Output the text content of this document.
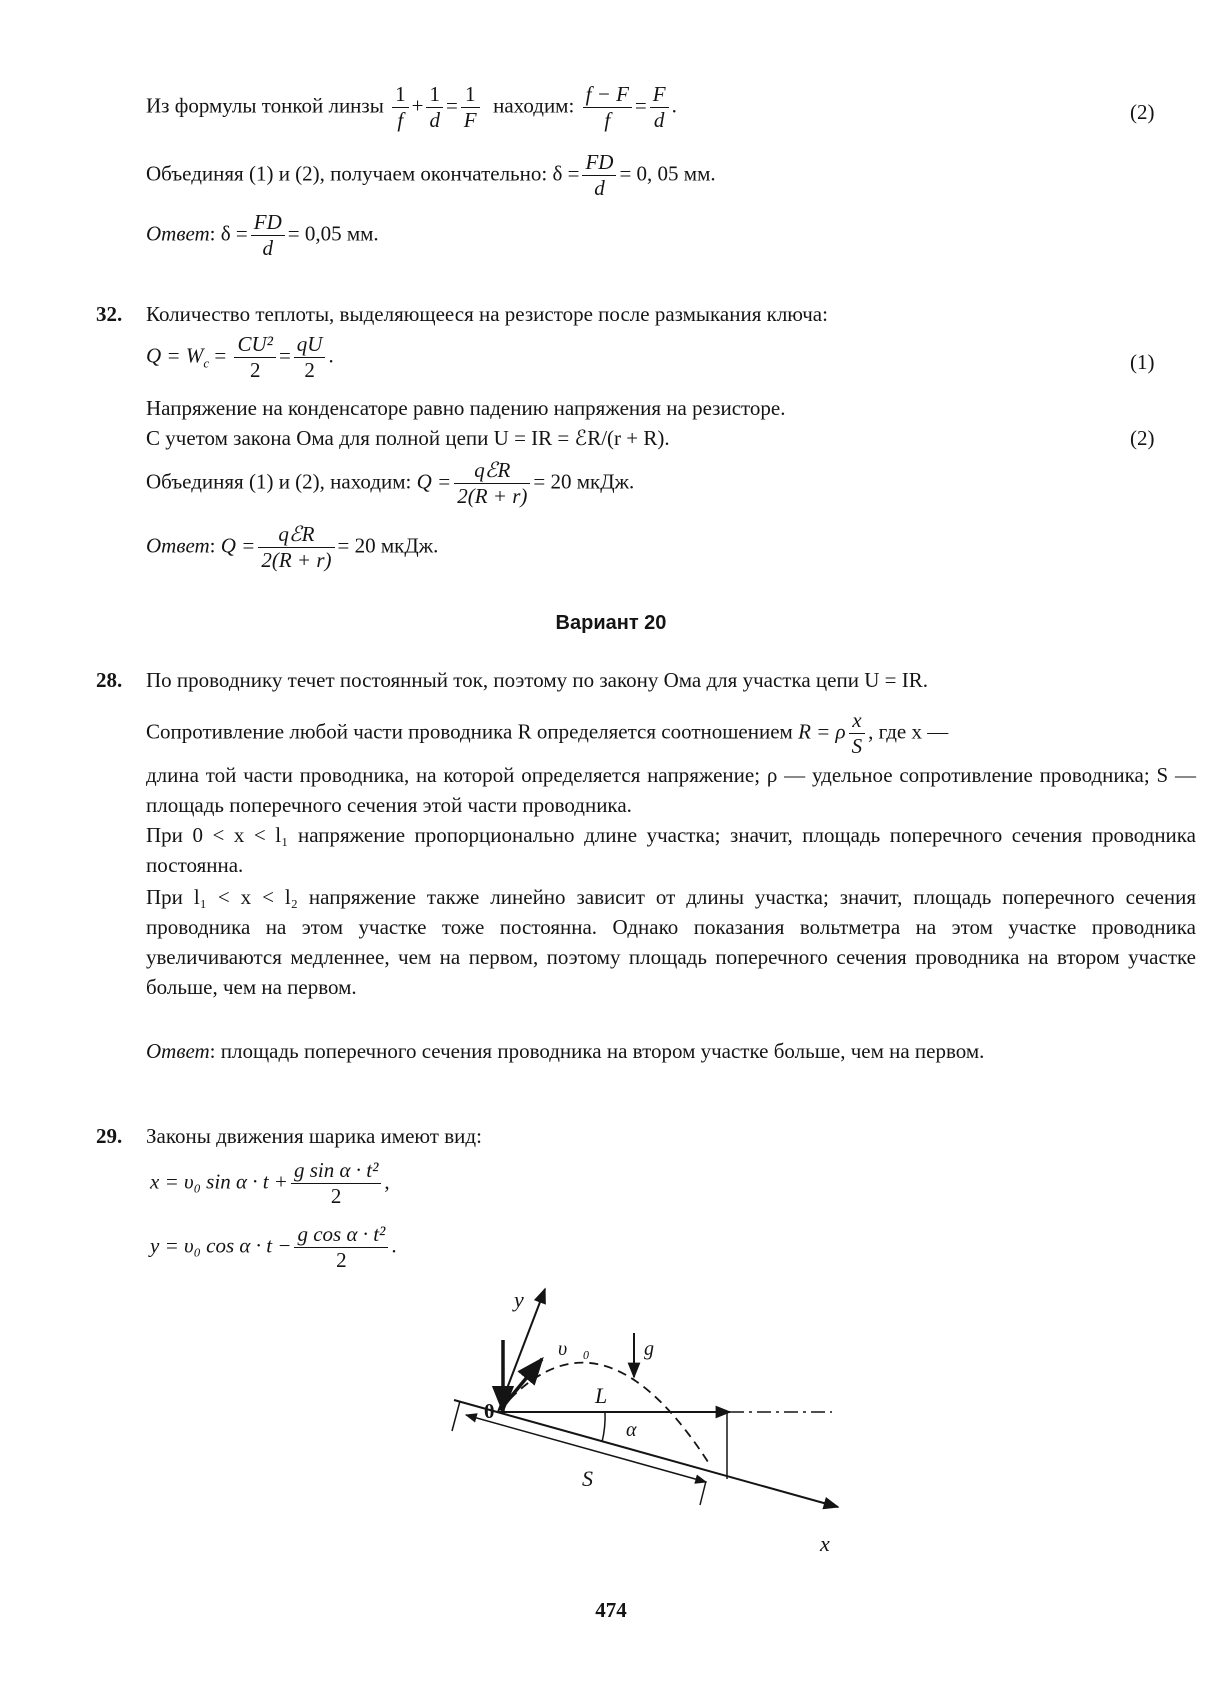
Из формулы тонкой линзы $\frac{1}{f} + \frac{1}{d} = \frac{1}{F}$ находим: $\frac{f - F}{f} = \frac{F}{d}$ .	(2)
Объединяя (1) и (2), получаем окончательно: $\delta = \frac{FD}{d} = 0$, 05 мм.
Ответ: $\delta = \frac{FD}{d} = 0,05$ мм.
32. Количество теплоты, выделяющееся на резисторе после размыкания ключа:
$Q = W_c = \frac{\text{CU²}}{2} = \frac{qU}{2}$ .	(1)
Напряжение на конденсаторе равно падению напряжения на резисторе.
С учетом закона Ома для полной цепи U = IR = ℰR/(r + R).	(2)
Объединяя (1) и (2), находим: $Q = \frac{\text{qℰR}}{2(R + r)} = 20$ мкДж.
Ответ: $Q = \frac{\text{qℰR}}{2(R + r)} = 20$ мкДж.
Вариант 20
28. По проводнику течет постоянный ток, поэтому по закону Ома для участка цепи U = IR.
Сопротивление любой части проводника R определяется соотношением R = ρ $\frac{x}{S}$ , где x —
длина той части проводника, на которой определяется напряжение; ρ — удельное сопротивление проводника; S — площадь поперечного сечения этой части проводника.
При 0 < x < l₁ напряжение пропорционально длине участка; значит, площадь поперечного сечения проводника постоянна.
При l₁ < x < l₂ напряжение также линейно зависит от длины участка; значит, площадь поперечного сечения проводника на этом участке тоже постоянна. Однако показания вольтметра на этом участке проводника увеличиваются медленнее, чем на первом, поэтому площадь поперечного сечения проводника на втором участке больше, чем на первом.
Ответ: площадь поперечного сечения проводника на втором участке больше, чем на первом.
29. Законы движения шарика имеют вид:
x = υ₀ $\sin \alpha \cdot t + \frac{\text{g sin α · t²}}{2}$ ,
y = υ₀ $\cos \alpha \cdot t - \frac{\text{g cos α · t²}}{2}$ .
y
υ⃗₀	g⃗
L
α
0
S
x
474
